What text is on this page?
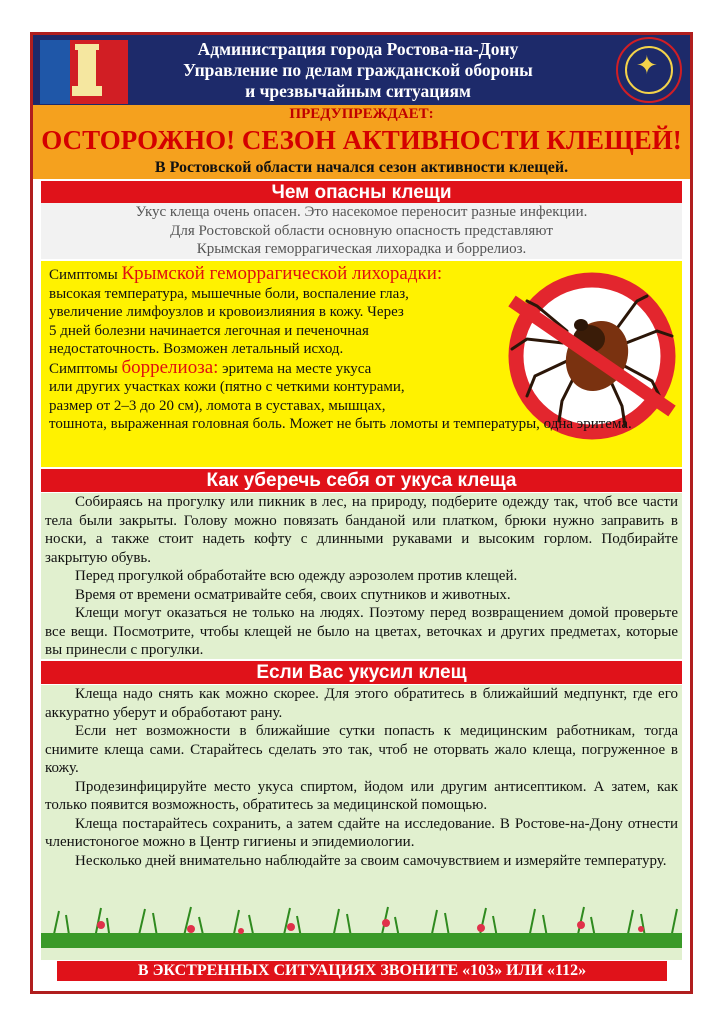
Администрация города Ростова-на-Дону
Управление по делам гражданской обороны
и чрезвычайным ситуациям
✦
ПРЕДУПРЕЖДАЕТ:
ОСТОРОЖНО! СЕЗОН АКТИВНОСТИ КЛЕЩЕЙ!
В Ростовской области начался сезон активности клещей.
Чем опасны клещи
Укус клеща очень опасен. Это насекомое переносит разные инфекции.
Для Ростовской области основную опасность представляют
Крымская геморрагическая лихорадка и боррелиоз.
Симптомы Крымской геморрагической лихорадки:
высокая температура, мышечные боли, воспаление глаз,
увеличение лимфоузлов и кровоизлияния в кожу. Через
5 дней болезни начинается легочная и печеночная
недостаточность. Возможен летальный исход.
Симптомы боррелиоза: эритема на месте укуса
или других участках кожи (пятно с четкими контурами,
размер от 2–3 до 20 см), ломота в суставах, мышцах,
тошнота, выраженная головная боль. Может не быть ломоты и температуры, одна эритема.
Как уберечь себя от укуса клеща

Собираясь на прогулку или пикник в лес, на природу, подберите одежду так, чтоб все части тела были закрыты. Голову можно повязать банданой или платком, брюки нужно заправить в носки, а также стоит надеть кофту с длинными рукавами и высоким горлом. Подбирайте закрытую обувь.

Перед прогулкой обработайте всю одежду аэрозолем против клещей.

Время от времени осматривайте себя, своих спутников и животных.

Клещи могут оказаться не только на людях. Поэтому перед возвращением домой проверьте все вещи. Посмотрите, чтобы клещей не было на цветах, веточках и других предметах, которые вы принесли с прогулки.

Если Вас укусил клещ

Клеща надо снять как можно скорее. Для этого обратитесь в ближайший медпункт, где его аккуратно уберут и обработают рану.

Если нет возможности в ближайшие сутки попасть к медицинским работникам, тогда снимите клеща сами. Старайтесь сделать это так, чтоб не оторвать жало клеща, погруженное в кожу.

Продезинфицируйте место укуса спиртом, йодом или другим антисептиком. А затем, как только появится возможность, обратитесь за медицинской помощью.

Клеща постарайтесь сохранить, а затем сдайте на исследование. В Ростове-на-Дону отнести членистоногое можно в Центр гигиены и эпидемиологии.

Несколько дней внимательно наблюдайте за своим самочувствием и измеряйте температуру.

В ЭКСТРЕННЫХ СИТУАЦИЯХ ЗВОНИТЕ «103» ИЛИ «112»
